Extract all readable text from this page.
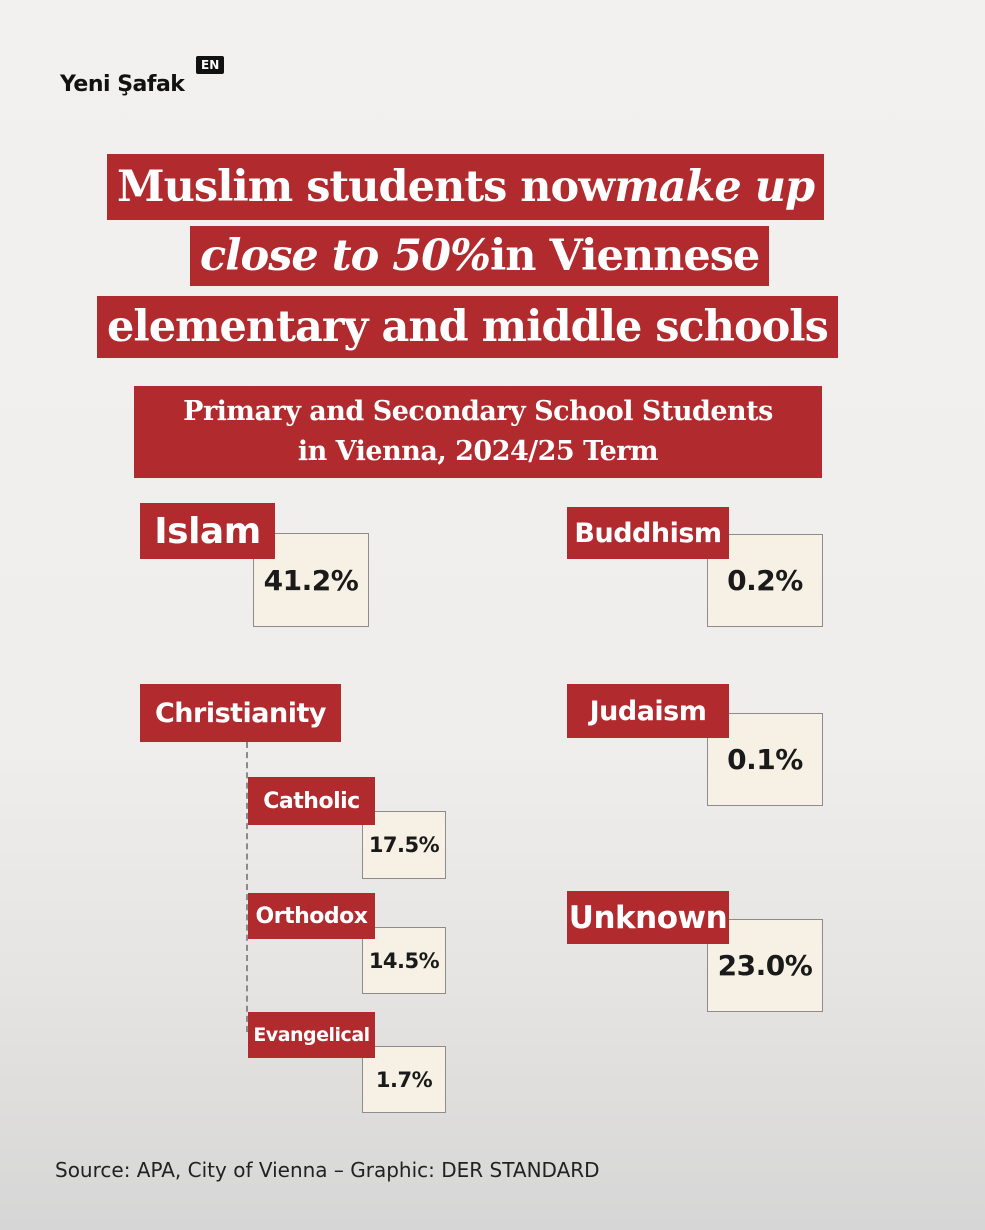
Yeni Şafak
EN
Muslim students now make up
close to 50% in Viennese
elementary and middle schools
Primary and Secondary School Students
in Vienna, 2024/25 Term
41.2%
Islam
0.2%
Buddhism
Christianity
17.5%
Catholic
14.5%
Orthodox
1.7%
Evangelical
0.1%
Judaism
23.0%
Unknown
Source: APA, City of Vienna – Graphic: DER STANDARD
